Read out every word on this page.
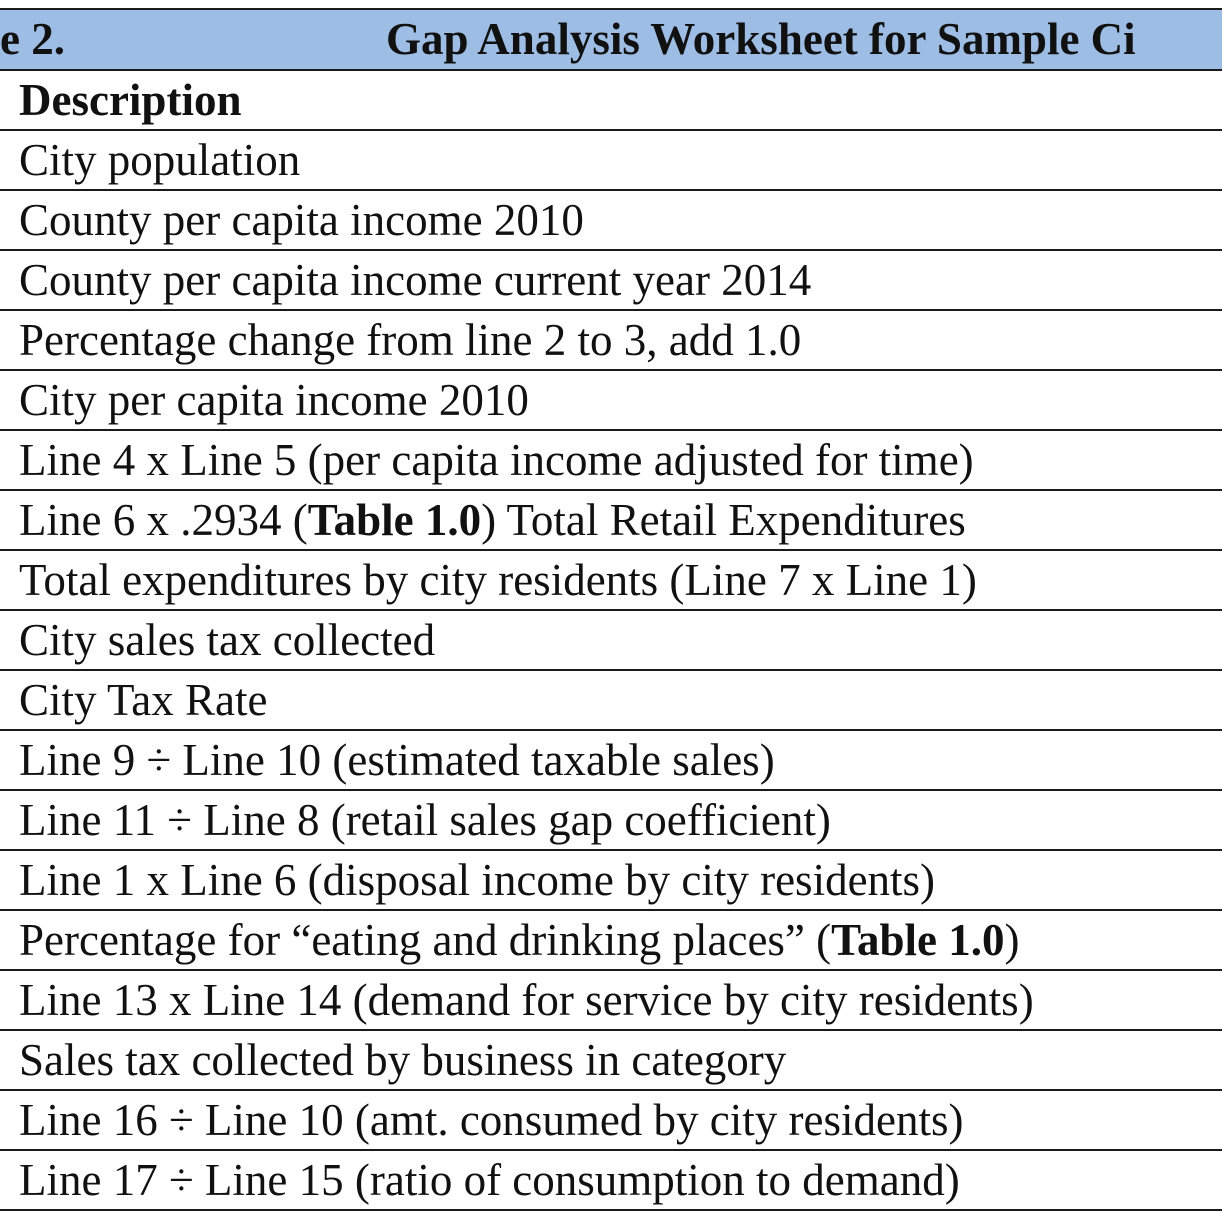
e 2.	Gap Analysis Worksheet for Sample Ci
Description
City population
County per capita income 2010
County per capita income current year 2014
Percentage change from line 2 to 3, add 1.0
City per capita income 2010
Line 4 x Line 5 (per capita income adjusted for time)
Line 6 x .2934 (Table 1.0) Total Retail Expenditures
Total expenditures by city residents (Line 7 x Line 1)
City sales tax collected
City Tax Rate
Line 9 ÷ Line 10 (estimated taxable sales)
Line 11 ÷ Line 8 (retail sales gap coefficient)
Line 1 x Line 6 (disposal income by city residents)
Percentage for “eating and drinking places” (Table 1.0)
Line 13 x Line 14 (demand for service by city residents)
Sales tax collected by business in category
Line 16 ÷ Line 10 (amt. consumed by city residents)
Line 17 ÷ Line 15 (ratio of consumption to demand)
